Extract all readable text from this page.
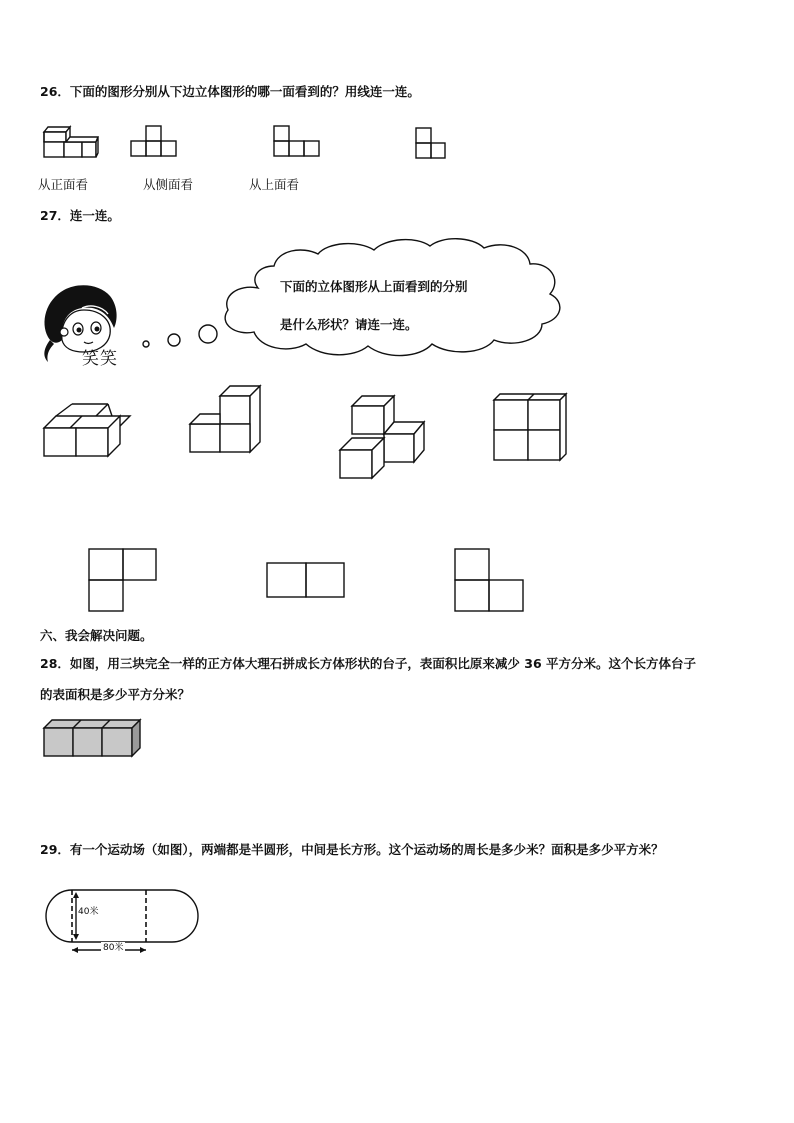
26．下面的图形分别从下边立体图形的哪一面看到的？用线连一连。
从正面看	从侧面看	从上面看
27．连一连。
笑笑
下面的立体图形从上面看到的分别
是什么形状？请连一连。
六、我会解决问题。
28．如图，用三块完全一样的正方体大理石拼成长方体形状的台子，表面积比原来减少 36 平方分米。这个长方体台子
的表面积是多少平方分米？
29．有一个运动场（如图），两端都是半圆形，中间是长方形。这个运动场的周长是多少米？面积是多少平方米？
40米
80米
